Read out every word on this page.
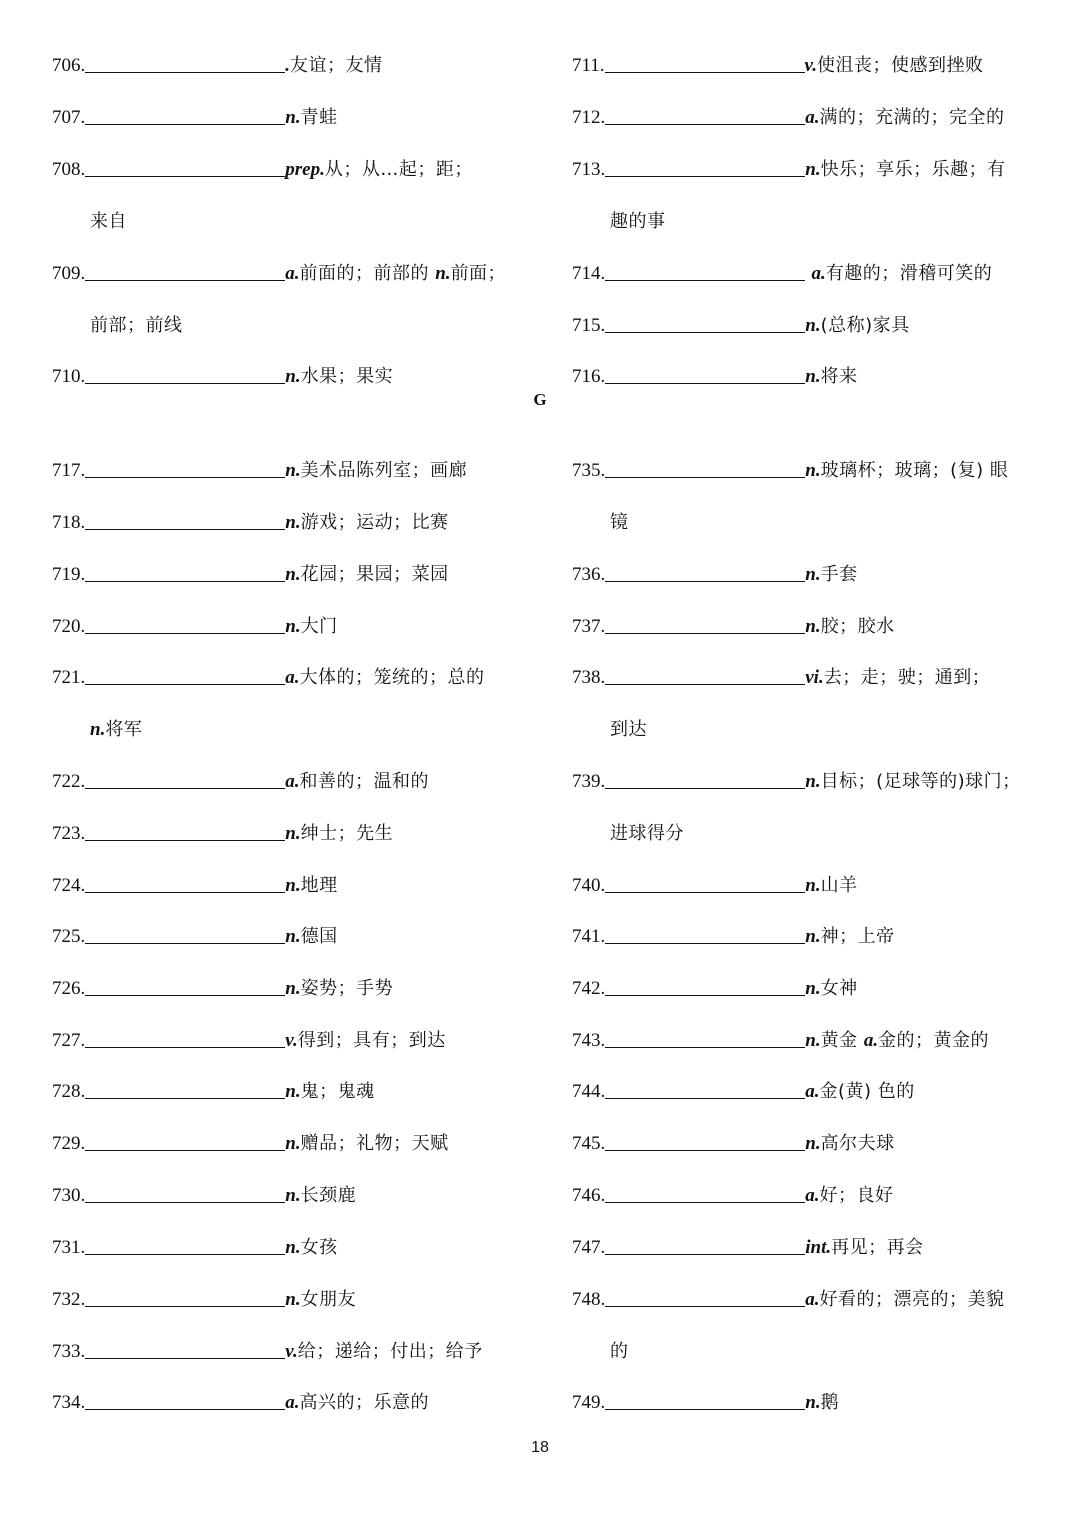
706.	.友谊；友情
707.	n.青蛙
708.	prep.从；从…起；距；
来自
709.	a.前面的；前部的 n.前面；
前部；前线
710.	n.水果；果实
717.	n.美术品陈列室；画廊
718.	n.游戏；运动；比赛
719.	n.花园；果园；菜园
720.	n.大门
721.	a.大体的；笼统的；总的
n.将军
722.	a.和善的；温和的
723.	n.绅士；先生
724.	n.地理
725.	n.德国
726.	n.姿势；手势
727.	v.得到；具有；到达
728.	n.鬼；鬼魂
729.	n.赠品；礼物；天赋
730.	n.长颈鹿
731.	n.女孩
732.	n.女朋友
733.	v.给；递给；付出；给予
734.	a.高兴的；乐意的
711.	v.使沮丧；使感到挫败
712.	a.满的；充满的；完全的
713.	n.快乐；享乐；乐趣；有
趣的事
714.	a.有趣的；滑稽可笑的
715.	n.(总称)家具
716.	n.将来
735.	n.玻璃杯；玻璃；(复) 眼
镜
736.	n.手套
737.	n.胶；胶水
738.	vi.去；走；驶；通到；
到达
739.	n.目标；(足球等的)球门；
进球得分
740.	n.山羊
741.	n.神；上帝
742.	n.女神
743.	n.黄金 a.金的；黄金的
744.	a.金(黄) 色的
745.	n.高尔夫球
746.	a.好；良好
747.	int.再见；再会
748.	a.好看的；漂亮的；美貌
的
749.	n.鹅
G
18
